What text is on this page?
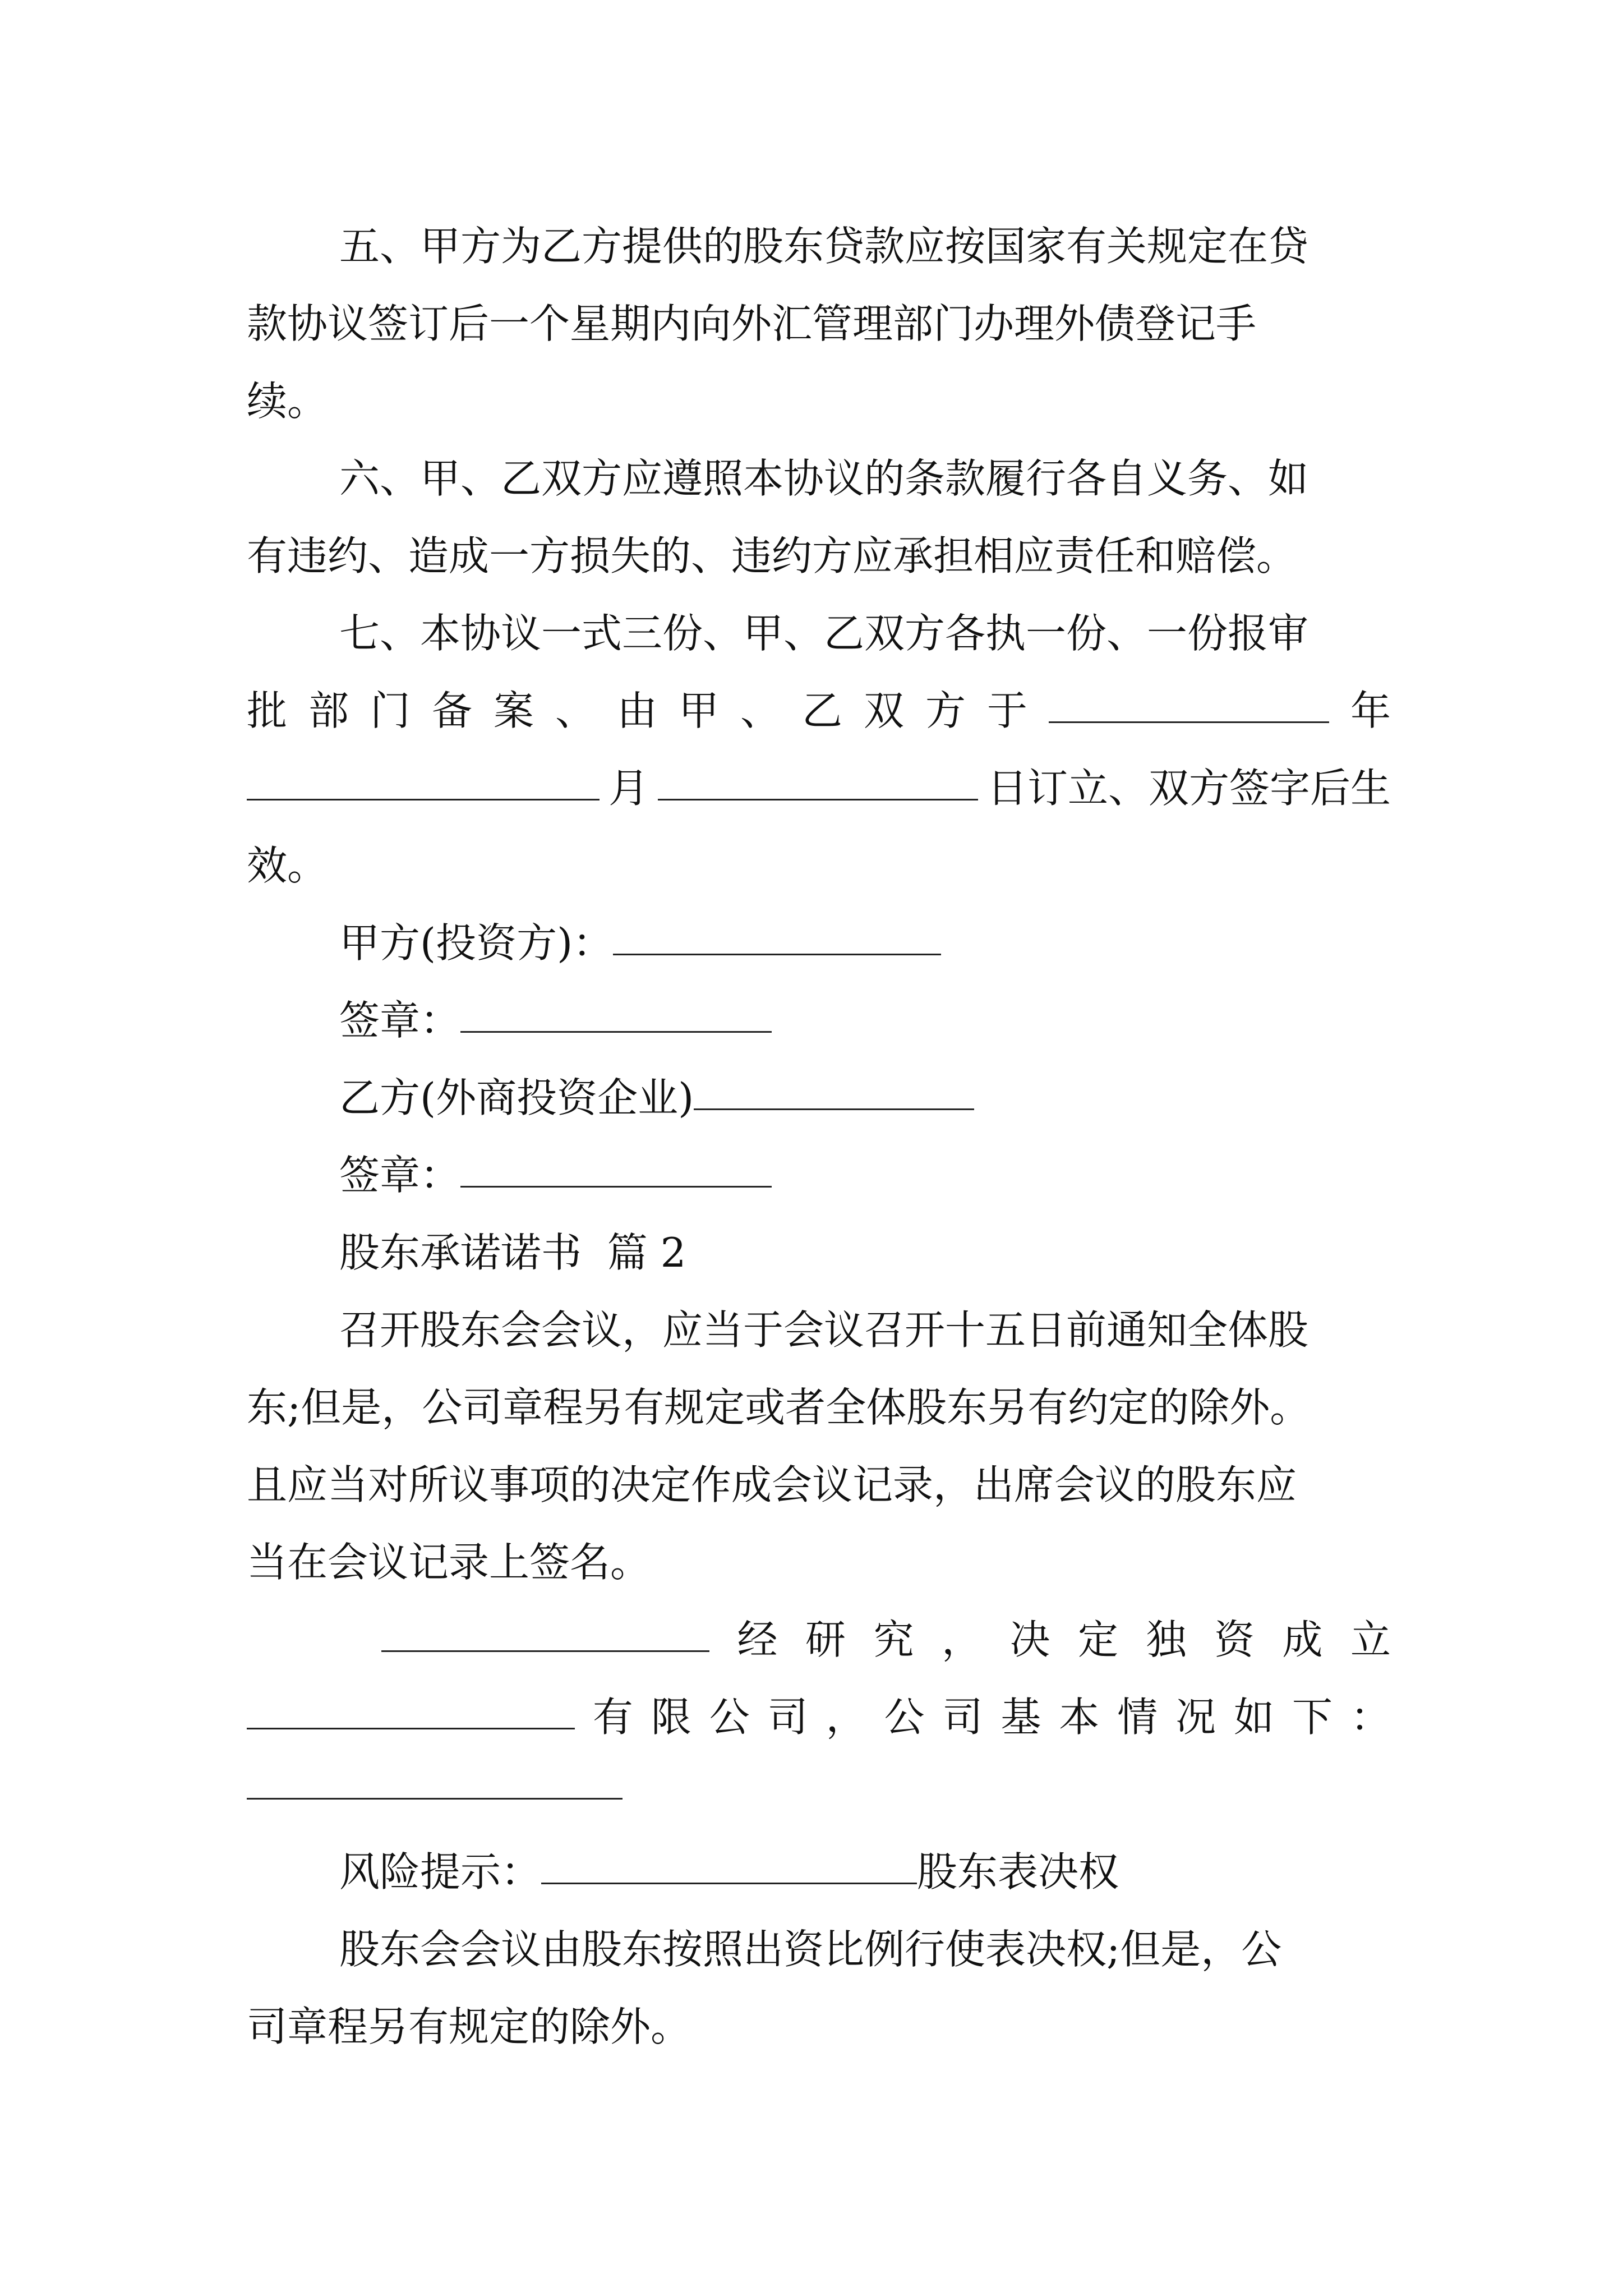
五、甲方为乙方提供的股东贷款应按国家有关规定在贷
款协议签订后一个星期内向外汇管理部门办理外债登记手
续。
六、甲、乙双方应遵照本协议的条款履行各自义务、如
有违约、造成一方损失的、违约方应承担相应责任和赔偿。
七、本协议一式三份、甲、乙双方各执一份、一份报审
批 部 门 备 案 、 由 甲 、 乙 双 方 于	年
月	日订立、双方签字后生
效。
甲方(投资方)：
签章：
乙方(外商投资企业)
签章：
股东承诺诺书  篇 2
召开股东会会议，应当于会议召开十五日前通知全体股
东;但是，公司章程另有规定或者全体股东另有约定的除外。
且应当对所议事项的决定作成会议记录，出席会议的股东应
当在会议记录上签名。
经 研 究 ， 决 定 独 资 成 立
有 限 公 司 ， 公 司 基 本 情 况 如 下 ：
风险提示：	股东表决权
股东会会议由股东按照出资比例行使表决权;但是，公
司章程另有规定的除外。
